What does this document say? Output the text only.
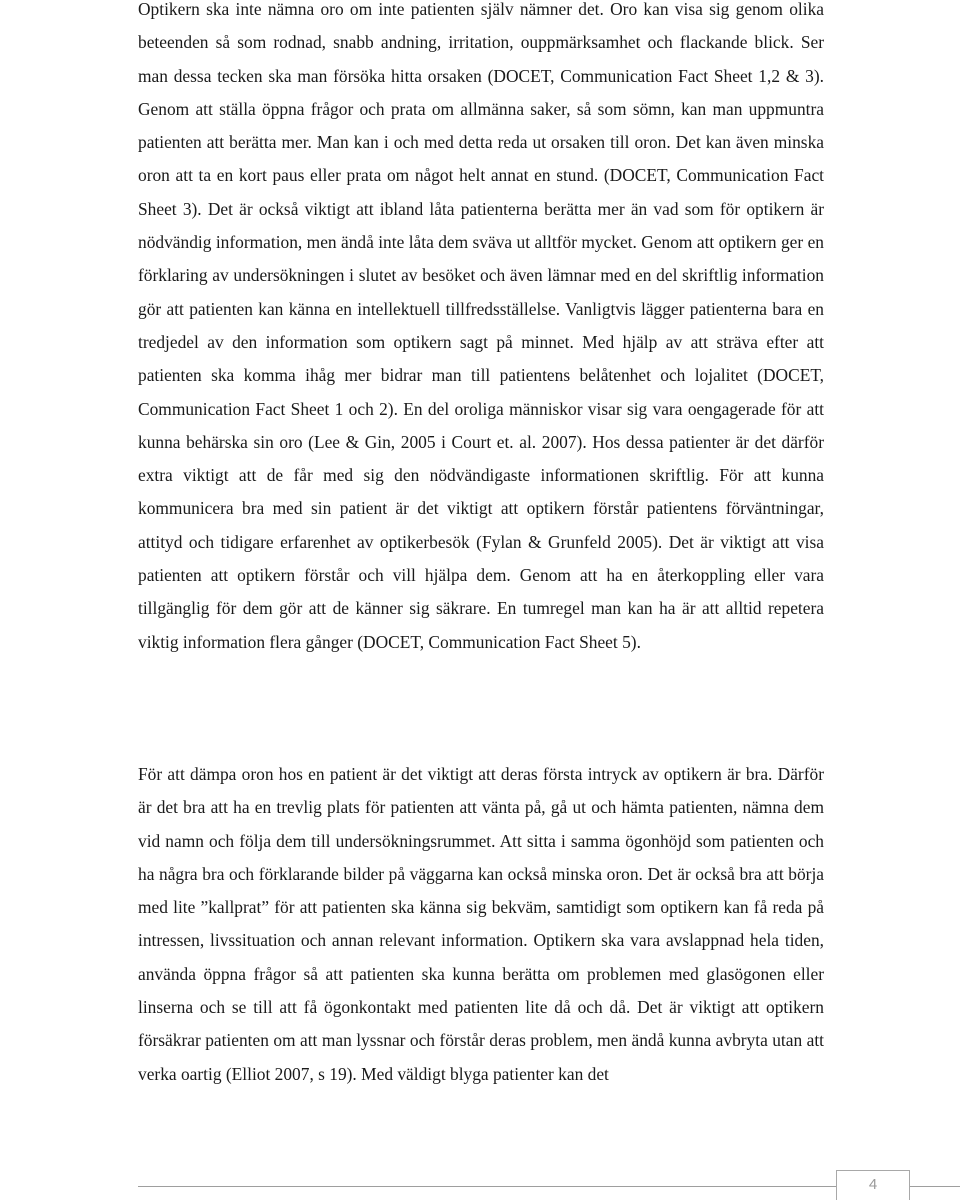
Optikern ska inte nämna oro om inte patienten själv nämner det. Oro kan visa sig genom olika beteenden så som rodnad, snabb andning, irritation, ouppmärksamhet och flackande blick. Ser man dessa tecken ska man försöka hitta orsaken (DOCET, Communication Fact Sheet 1,2 & 3). Genom att ställa öppna frågor och prata om allmänna saker, så som sömn, kan man uppmuntra patienten att berätta mer. Man kan i och med detta reda ut orsaken till oron. Det kan även minska oron att ta en kort paus eller prata om något helt annat en stund. (DOCET, Communication Fact Sheet 3). Det är också viktigt att ibland låta patienterna berätta mer än vad som för optikern är nödvändig information, men ändå inte låta dem sväva ut alltför mycket. Genom att optikern ger en förklaring av undersökningen i slutet av besöket och även lämnar med en del skriftlig information gör att patienten kan känna en intellektuell tillfredsställelse. Vanligtvis lägger patienterna bara en tredjedel av den information som optikern sagt på minnet. Med hjälp av att sträva efter att patienten ska komma ihåg mer bidrar man till patientens belåtenhet och lojalitet (DOCET, Communication Fact Sheet 1 och 2). En del oroliga människor visar sig vara oengagerade för att kunna behärska sin oro (Lee & Gin, 2005 i Court et. al. 2007). Hos dessa patienter är det därför extra viktigt att de får med sig den nödvändigaste informationen skriftlig. För att kunna kommunicera bra med sin patient är det viktigt att optikern förstår patientens förväntningar, attityd och tidigare erfarenhet av optikerbesök (Fylan & Grunfeld 2005). Det är viktigt att visa patienten att optikern förstår och vill hjälpa dem. Genom att ha en återkoppling eller vara tillgänglig för dem gör att de känner sig säkrare. En tumregel man kan ha är att alltid repetera viktig information flera gånger (DOCET, Communication Fact Sheet 5).

För att dämpa oron hos en patient är det viktigt att deras första intryck av optikern är bra. Därför är det bra att ha en trevlig plats för patienten att vänta på, gå ut och hämta patienten, nämna dem vid namn och följa dem till undersökningsrummet. Att sitta i samma ögonhöjd som patienten och ha några bra och förklarande bilder på väggarna kan också minska oron. Det är också bra att börja med lite ”kallprat” för att patienten ska känna sig bekväm, samtidigt som optikern kan få reda på intressen, livssituation och annan relevant information. Optikern ska vara avslappnad hela tiden, använda öppna frågor så att patienten ska kunna berätta om problemen med glasögonen eller linserna och se till att få ögonkontakt med patienten lite då och då. Det är viktigt att optikern försäkrar patienten om att man lyssnar och förstår deras problem, men ändå kunna avbryta utan att verka oartig (Elliot 2007, s 19). Med väldigt blyga patienter kan det

4
